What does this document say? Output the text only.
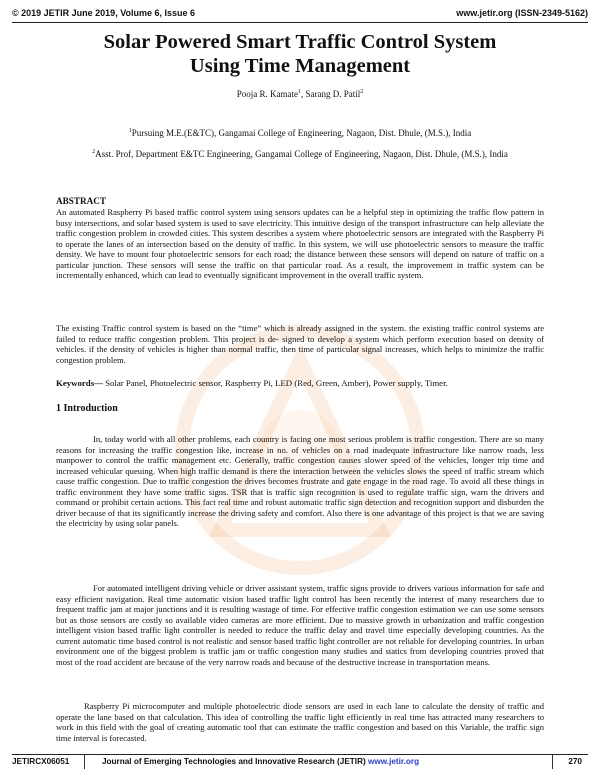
© 2019 JETIR June 2019, Volume 6, Issue 6	www.jetir.org (ISSN-2349-5162)
Solar Powered Smart Traffic Control System
Using Time Management
Pooja R. Kamate$^1$, Sarang D. Patil$^2$
$^1$Pursuing M.E.(E&TC), Gangamai College of Engineering, Nagaon, Dist. Dhule, (M.S.), India
$^2$Asst. Prof, Department E&TC Engineering, Gangamai College of Engineering, Nagaon, Dist. Dhule, (M.S.), India
ABSTRACT
An automated Raspberry Pi based traffic control system using sensors updates can be a helpful step in optimizing the traffic flow pattern in busy intersections, and solar based system is used to save electricity. This intuitive design of the transport infrastructure can help alleviate the traffic congestion problem in crowded cities. This system describes a system where photoelectric sensors are integrated with the Raspberry Pi to operate the lanes of an intersection based on the density of traffic. In this system, we will use photoelectric sensors to measure the traffic density. We have to mount four photoelectric sensors for each road; the distance between these sensors will depend on nature of traffic on a particular junction. These sensors will sense the traffic on that particular road. As a result, the improvement in traffic system can be incrementally enhanced, which can lead to eventually significant improvement in the overall traffic system.
The existing Traffic control system is based on the “time” which is already assigned in the system. the existing traffic control systems are failed to reduce traffic congestion problem. This project is de- signed to develop a system which perform execution based on density of vehicles. if the density of vehicles is higher than normal traffic, then time of particular signal increases, which helps to minimize the traffic congestion problem.
Keywords— Solar Panel, Photoelectric sensor, Raspberry Pi, LED (Red, Green, Amber), Power supply, Timer.
1 Introduction
In, today world with all other problems, each country is facing one most serious problem is traffic congestion. There are so many reasons for increasing the traffic congestion like, increase in no. of vehicles on a road inadequate infrastructure like narrow roads, less manpower to control the traffic management etc. Generally, traffic congestion causes slower speed of the vehicles, longer trip time and increased vehicular queuing. When high traffic demand is there the interaction between the vehicles slows the speed of traffic stream which cause traffic congestion. Due to traffic congestion the drives becomes frustrate and gate engage in the road rage. To avoid all these things in traffic environment they have some traffic signs. TSR that is traffic sign recognition is used to regulate traffic sign, warn the drivers and command or prohibit certain actions. This fact real time and robust automatic traffic sign detection and recognition support and disburden the driver because of that its significantly increase the driving safety and comfort. Also there is one advantage of this project is that we are saving the electricity by using solar panels.
For automated intelligent driving vehicle or driver assistant system, traffic signs provide to drivers various information for safe and easy efficient navigation. Real time automatic vision based traffic light control has been recently the interest of many researchers due to frequent traffic jam at major junctions and it is resulting wastage of time. For effective traffic congestion estimation we can use some sensors but as those sensors are costly so available video cameras are more efficient. Due to massive growth in urbanization and traffic congestion intelligent vision based traffic light controller is needed to reduce the traffic delay and travel time especially developing countries. As the current automatic time based control is not realistic and sensor based traffic light controller are not reliable for developing countries. In urban environment one of the biggest problem is traffic jam or traffic congestion many studies and statics from developing countries proved that most of the road accident are because of the very narrow roads and because of the destructive increase in transportation means.
Raspberry Pi microcomputer and multiple photoelectric diode sensors are used in each lane to calculate the density of traffic and operate the lane based on that calculation. This idea of controlling the traffic light efficiently in real time has attracted many researchers to work in this field with the goal of creating automatic tool that can estimate the traffic congestion and based on this Variable, the traffic sign time interval is forecasted.
JETIRCX06051	Journal of Emerging Technologies and Innovative Research (JETIR) www.jetir.org	270
